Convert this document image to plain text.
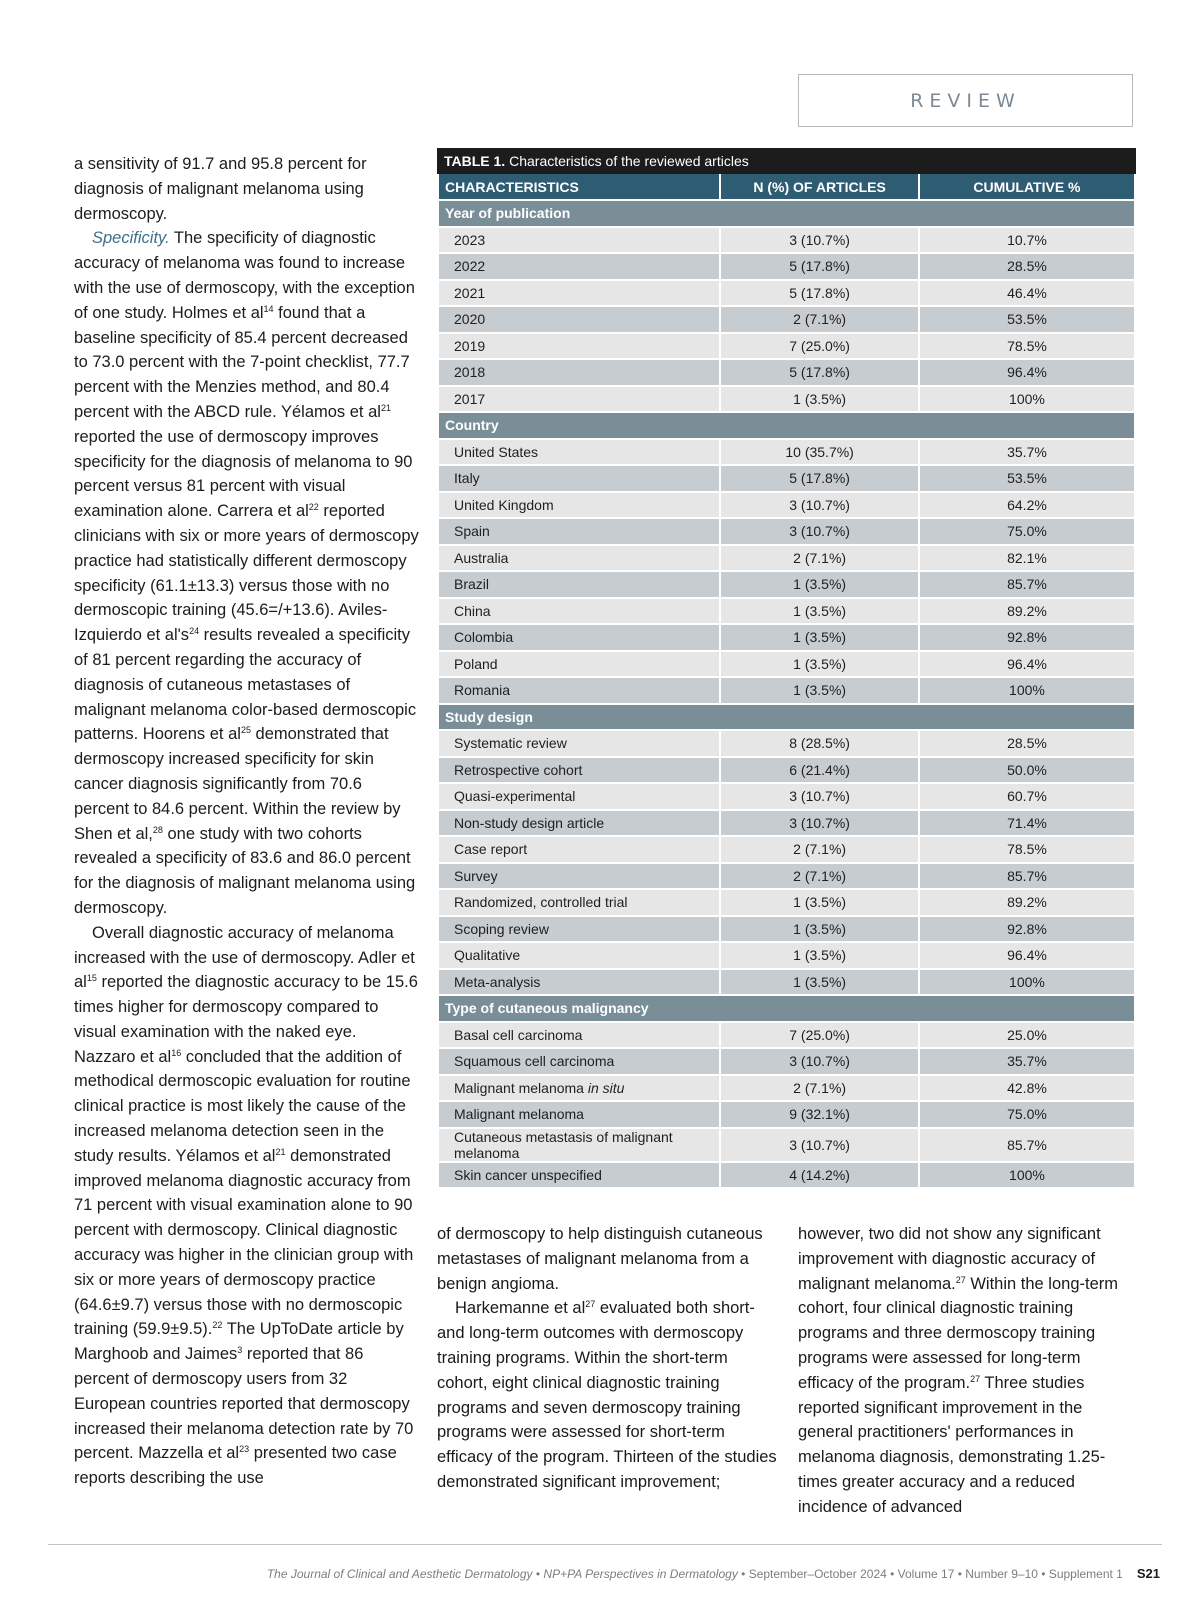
REVIEW

a sensitivity of 91.7 and 95.8 percent for diagnosis of malignant melanoma using dermoscopy.

Specificity. The specificity of diagnostic accuracy of melanoma was found to increase with the use of dermoscopy, with the exception of one study. Holmes et $al^{14}$ found that a baseline specificity of 85.4 percent decreased to 73.0 percent with the 7-point checklist, 77.7 percent with the Menzies method, and 80.4 percent with the ABCD rule. Yélamos et $al^{21}$ reported the use of dermoscopy improves specificity for the diagnosis of melanoma to 90 percent versus 81 percent with visual examination alone. Carrera et $al^{22}$ reported clinicians with six or more years of dermoscopy practice had statistically different dermoscopy specificity (61.1±13.3) versus those with no dermoscopic training (45.6=/+13.6). Aviles-Izquierdo et $al's^{24}$ results revealed a specificity of 81 percent regarding the accuracy of diagnosis of cutaneous metastases of malignant melanoma color-based dermoscopic patterns. Hoorens et $al^{25}$ demonstrated that dermoscopy increased specificity for skin cancer diagnosis significantly from 70.6 percent to 84.6 percent. Within the review by Shen et al,$^{28}$ one study with two cohorts revealed a specificity of 83.6 and 86.0 percent for the diagnosis of malignant melanoma using dermoscopy.

Overall diagnostic accuracy of melanoma increased with the use of dermoscopy. Adler et $al^{15}$ reported the diagnostic accuracy to be 15.6 times higher for dermoscopy compared to visual examination with the naked eye. Nazzaro et $al^{16}$ concluded that the addition of methodical dermoscopic evaluation for routine clinical practice is most likely the cause of the increased melanoma detection seen in the study results. Yélamos et $al^{21}$ demonstrated improved melanoma diagnostic accuracy from 71 percent with visual examination alone to 90 percent with dermoscopy. Clinical diagnostic accuracy was higher in the clinician group with six or more years of dermoscopy practice (64.6±9.7) versus those with no dermoscopic training (59.9±9.5).$^{22}$ The UpToDate article by Marghoob and Jaimes$^3$ reported that 86 percent of dermoscopy users from 32 European countries reported that dermoscopy increased their melanoma detection rate by 70 percent. Mazzella et $al^{23}$ presented two case reports describing the use

TABLE 1. Characteristics of the reviewed articles
CHARACTERISTICS	N (%) OF ARTICLES	CUMULATIVE %
Year of publication		
2023	3 (10.7%)	10.7%
2022	5 (17.8%)	28.5%
2021	5 (17.8%)	46.4%
2020	2 (7.1%)	53.5%
2019	7 (25.0%)	78.5%
2018	5 (17.8%)	96.4%
2017	1 (3.5%)	100%
Country		
United States	10 (35.7%)	35.7%
Italy	5 (17.8%)	53.5%
United Kingdom	3 (10.7%)	64.2%
Spain	3 (10.7%)	75.0%
Australia	2 (7.1%)	82.1%
Brazil	1 (3.5%)	85.7%
China	1 (3.5%)	89.2%
Colombia	1 (3.5%)	92.8%
Poland	1 (3.5%)	96.4%
Romania	1 (3.5%)	100%
Study design		
Systematic review	8 (28.5%)	28.5%
Retrospective cohort	6 (21.4%)	50.0%
Quasi-experimental	3 (10.7%)	60.7%
Non-study design article	3 (10.7%)	71.4%
Case report	2 (7.1%)	78.5%
Survey	2 (7.1%)	85.7%
Randomized, controlled trial	1 (3.5%)	89.2%
Scoping review	1 (3.5%)	92.8%
Qualitative	1 (3.5%)	96.4%
Meta-analysis	1 (3.5%)	100%
Type of cutaneous malignancy		
Basal cell carcinoma	7 (25.0%)	25.0%
Squamous cell carcinoma	3 (10.7%)	35.7%
Malignant melanoma in situ	2 (7.1%)	42.8%
Malignant melanoma	9 (32.1%)	75.0%
Cutaneous metastasis of malignant melanoma	3 (10.7%)	85.7%
Skin cancer unspecified	4 (14.2%)	100%

of dermoscopy to help distinguish cutaneous metastases of malignant melanoma from a benign angioma.

Harkemanne et $al^{27}$ evaluated both short- and long-term outcomes with dermoscopy training programs. Within the short-term cohort, eight clinical diagnostic training programs and seven dermoscopy training programs were assessed for short-term efficacy of the program. Thirteen of the studies demonstrated significant improvement;

however, two did not show any significant improvement with diagnostic accuracy of malignant melanoma.$^{27}$ Within the long-term cohort, four clinical diagnostic training programs and three dermoscopy training programs were assessed for long-term efficacy of the program.$^{27}$ Three studies reported significant improvement in the general practitioners' performances in melanoma diagnosis, demonstrating 1.25-times greater accuracy and a reduced incidence of advanced

The Journal of Clinical and Aesthetic Dermatology • NP+PA Perspectives in Dermatology • September–October 2024 • Volume 17 • Number 9–10 • Supplement 1 S21
